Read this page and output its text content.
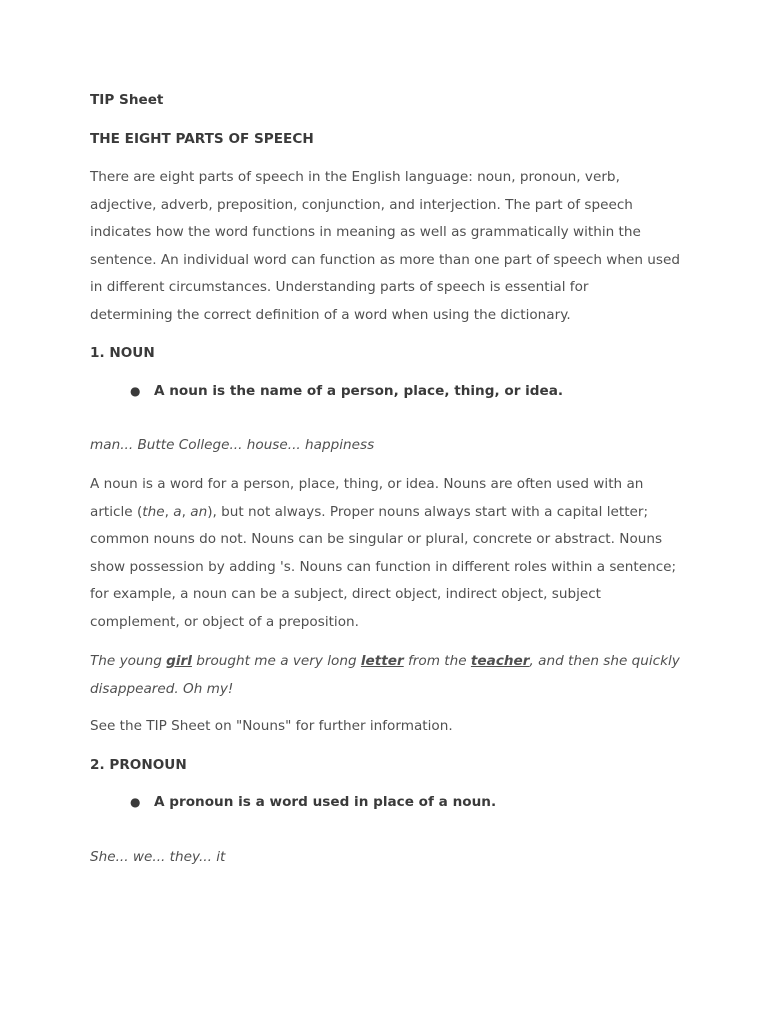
TIP Sheet

THE EIGHT PARTS OF SPEECH

There are eight parts of speech in the English language: noun, pronoun, verb,
adjective, adverb, preposition, conjunction, and interjection. The part of speech
indicates how the word functions in meaning as well as grammatically within the
sentence. An individual word can function as more than one part of speech when used
in different circumstances. Understanding parts of speech is essential for
determining the correct definition of a word when using the dictionary.

1. NOUN

● A noun is the name of a person, place, thing, or idea.

man... Butte College... house... happiness

A noun is a word for a person, place, thing, or idea. Nouns are often used with an
article (the, a, an), but not always. Proper nouns always start with a capital letter;
common nouns do not. Nouns can be singular or plural, concrete or abstract. Nouns
show possession by adding 's. Nouns can function in different roles within a sentence;
for example, a noun can be a subject, direct object, indirect object, subject
complement, or object of a preposition.
The young girl brought me a very long letter from the teacher, and then she quickly
disappeared. Oh my!

See the TIP Sheet on "Nouns" for further information.

2. PRONOUN

● A pronoun is a word used in place of a noun.

She... we... they... it
